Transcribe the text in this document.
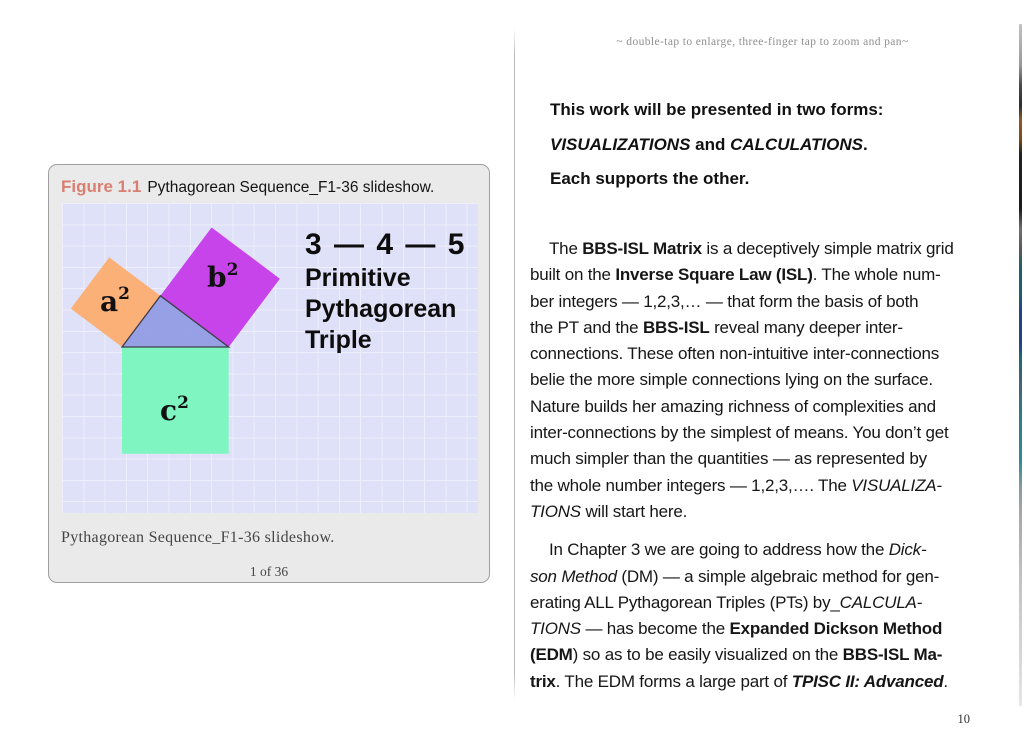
Figure 1.1 Pythagorean Sequence_F1-36 slideshow.
$a^2$	$b^2$
$c^2$
3 — 4 — 5
Primitive
Pythagorean
Triple
Pythagorean Sequence_F1-36 slideshow.
1 of 36
~ double-tap to enlarge, three-finger tap to zoom and pan~
This work will be presented in two forms:
VISUALIZATIONS and CALCULATIONS.
Each supports the other.
The BBS-ISL Matrix is a deceptively simple matrix grid
built on the Inverse Square Law (ISL). The whole num-
ber integers — 1,2,3,… — that form the basis of both
the PT and the BBS-ISL reveal many deeper inter-
connections. These often non-intuitive inter-connections
belie the more simple connections lying on the surface.
Nature builds her amazing richness of complexities and
inter-connections by the simplest of means. You don’t get
much simpler than the quantities — as represented by
the whole number integers — 1,2,3,…. The VISUALIZA-
TIONS will start here.
In Chapter 3 we are going to address how the Dick-
son Method (DM) — a simple algebraic method for gen-
erating ALL Pythagorean Triples (PTs) by_CALCULA-
TIONS — has become the Expanded Dickson Method
(EDM) so as to be easily visualized on the BBS-ISL Ma-
trix. The EDM forms a large part of TPISC II: Advanced.
10
